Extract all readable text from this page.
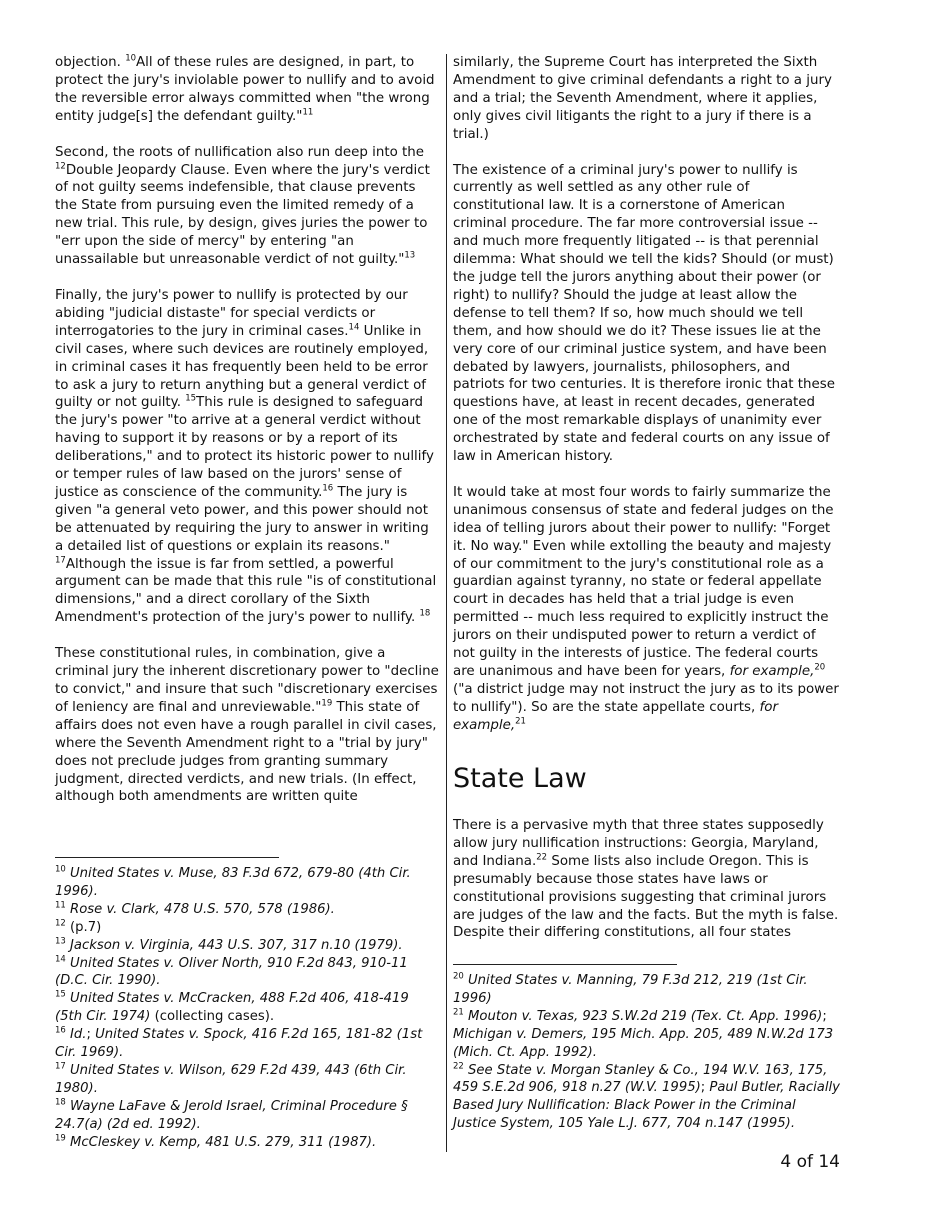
objection. $^{10}$All of these rules are designed, in part, to protect the jury's inviolable power to nullify and to avoid the reversible error always committed when "the wrong entity judge[s] the defendant guilty."$^{11}$

Second, the roots of nullification also run deep into the $^{12}$Double Jeopardy Clause. Even where the jury's verdict of not guilty seems indefensible, that clause prevents the State from pursuing even the limited remedy of a new trial. This rule, by design, gives juries the power to "err upon the side of mercy" by entering "an unassailable but unreasonable verdict of not guilty."$^{13}$

Finally, the jury's power to nullify is protected by our abiding "judicial distaste" for special verdicts or interrogatories to the jury in criminal cases.$^{14}$ Unlike in civil cases, where such devices are routinely employed, in criminal cases it has frequently been held to be error to ask a jury to return anything but a general verdict of guilty or not guilty. $^{15}$This rule is designed to safeguard the jury's power "to arrive at a general verdict without having to support it by reasons or by a report of its deliberations," and to protect its historic power to nullify or temper rules of law based on the jurors' sense of justice as conscience of the community.$^{16}$ The jury is given "a general veto power, and this power should not be attenuated by requiring the jury to answer in writing a detailed list of questions or explain its reasons."
$^{17}$Although the issue is far from settled, a powerful argument can be made that this rule "is of constitutional dimensions," and a direct corollary of the Sixth Amendment's protection of the jury's power to nullify. $^{18}$

These constitutional rules, in combination, give a criminal jury the inherent discretionary power to "decline to convict," and insure that such "discretionary exercises of leniency are final and unreviewable."$^{19}$ This state of affairs does not even have a rough parallel in civil cases, where the Seventh Amendment right to a "trial by jury" does not preclude judges from granting summary judgment, directed verdicts, and new trials. (In effect, although both amendments are written quite

$^{10}$ United States v. Muse, 83 F.3d 672, 679-80 (4th Cir. 1996).
$^{11}$ Rose v. Clark, 478 U.S. 570, 578 (1986).
$^{12}$ (p.7)
$^{13}$ Jackson v. Virginia, 443 U.S. 307, 317 n.10 (1979).
$^{14}$ United States v. Oliver North, 910 F.2d 843, 910-11 (D.C. Cir. 1990).
$^{15}$ United States v. McCracken, 488 F.2d 406, 418-419 (5th Cir. 1974) (collecting cases).
$^{16}$ Id.; United States v. Spock, 416 F.2d 165, 181-82 (1st Cir. 1969).
$^{17}$ United States v. Wilson, 629 F.2d 439, 443 (6th Cir. 1980).
$^{18}$ Wayne LaFave & Jerold Israel, Criminal Procedure § 24.7(a) (2d ed. 1992).
$^{19}$ McCleskey v. Kemp, 481 U.S. 279, 311 (1987).

similarly, the Supreme Court has interpreted the Sixth Amendment to give criminal defendants a right to a jury and a trial; the Seventh Amendment, where it applies, only gives civil litigants the right to a jury if there is a trial.)

The existence of a criminal jury's power to nullify is currently as well settled as any other rule of constitutional law. It is a cornerstone of American criminal procedure. The far more controversial issue -- and much more frequently litigated -- is that perennial dilemma: What should we tell the kids? Should (or must) the judge tell the jurors anything about their power (or right) to nullify? Should the judge at least allow the defense to tell them? If so, how much should we tell them, and how should we do it? These issues lie at the very core of our criminal justice system, and have been debated by lawyers, journalists, philosophers, and patriots for two centuries. It is therefore ironic that these questions have, at least in recent decades, generated one of the most remarkable displays of unanimity ever orchestrated by state and federal courts on any issue of law in American history.

It would take at most four words to fairly summarize the unanimous consensus of state and federal judges on the idea of telling jurors about their power to nullify: "Forget it. No way." Even while extolling the beauty and majesty of our commitment to the jury's constitutional role as a guardian against tyranny, no state or federal appellate court in decades has held that a trial judge is even permitted -- much less required to explicitly instruct the jurors on their undisputed power to return a verdict of not guilty in the interests of justice. The federal courts are unanimous and have been for years, for example,$^{20}$ ("a district judge may not instruct the jury as to its power to nullify"). So are the state appellate courts, for example,$^{21}$

State Law

There is a pervasive myth that three states supposedly allow jury nullification instructions: Georgia, Maryland, and Indiana.$^{22}$ Some lists also include Oregon. This is presumably because those states have laws or constitutional provisions suggesting that criminal jurors are judges of the law and the facts. But the myth is false. Despite their differing constitutions, all four states

$^{20}$ United States v. Manning, 79 F.3d 212, 219 (1st Cir. 1996)
$^{21}$ Mouton v. Texas, 923 S.W.2d 219 (Tex. Ct. App. 1996); Michigan v. Demers, 195 Mich. App. 205, 489 N.W.2d 173 (Mich. Ct. App. 1992).
$^{22}$ See State v. Morgan Stanley & Co., 194 W.V. 163, 175, 459 S.E.2d 906, 918 n.27 (W.V. 1995); Paul Butler, Racially Based Jury Nullification: Black Power in the Criminal Justice System, 105 Yale L.J. 677, 704 n.147 (1995).
4 of 14
